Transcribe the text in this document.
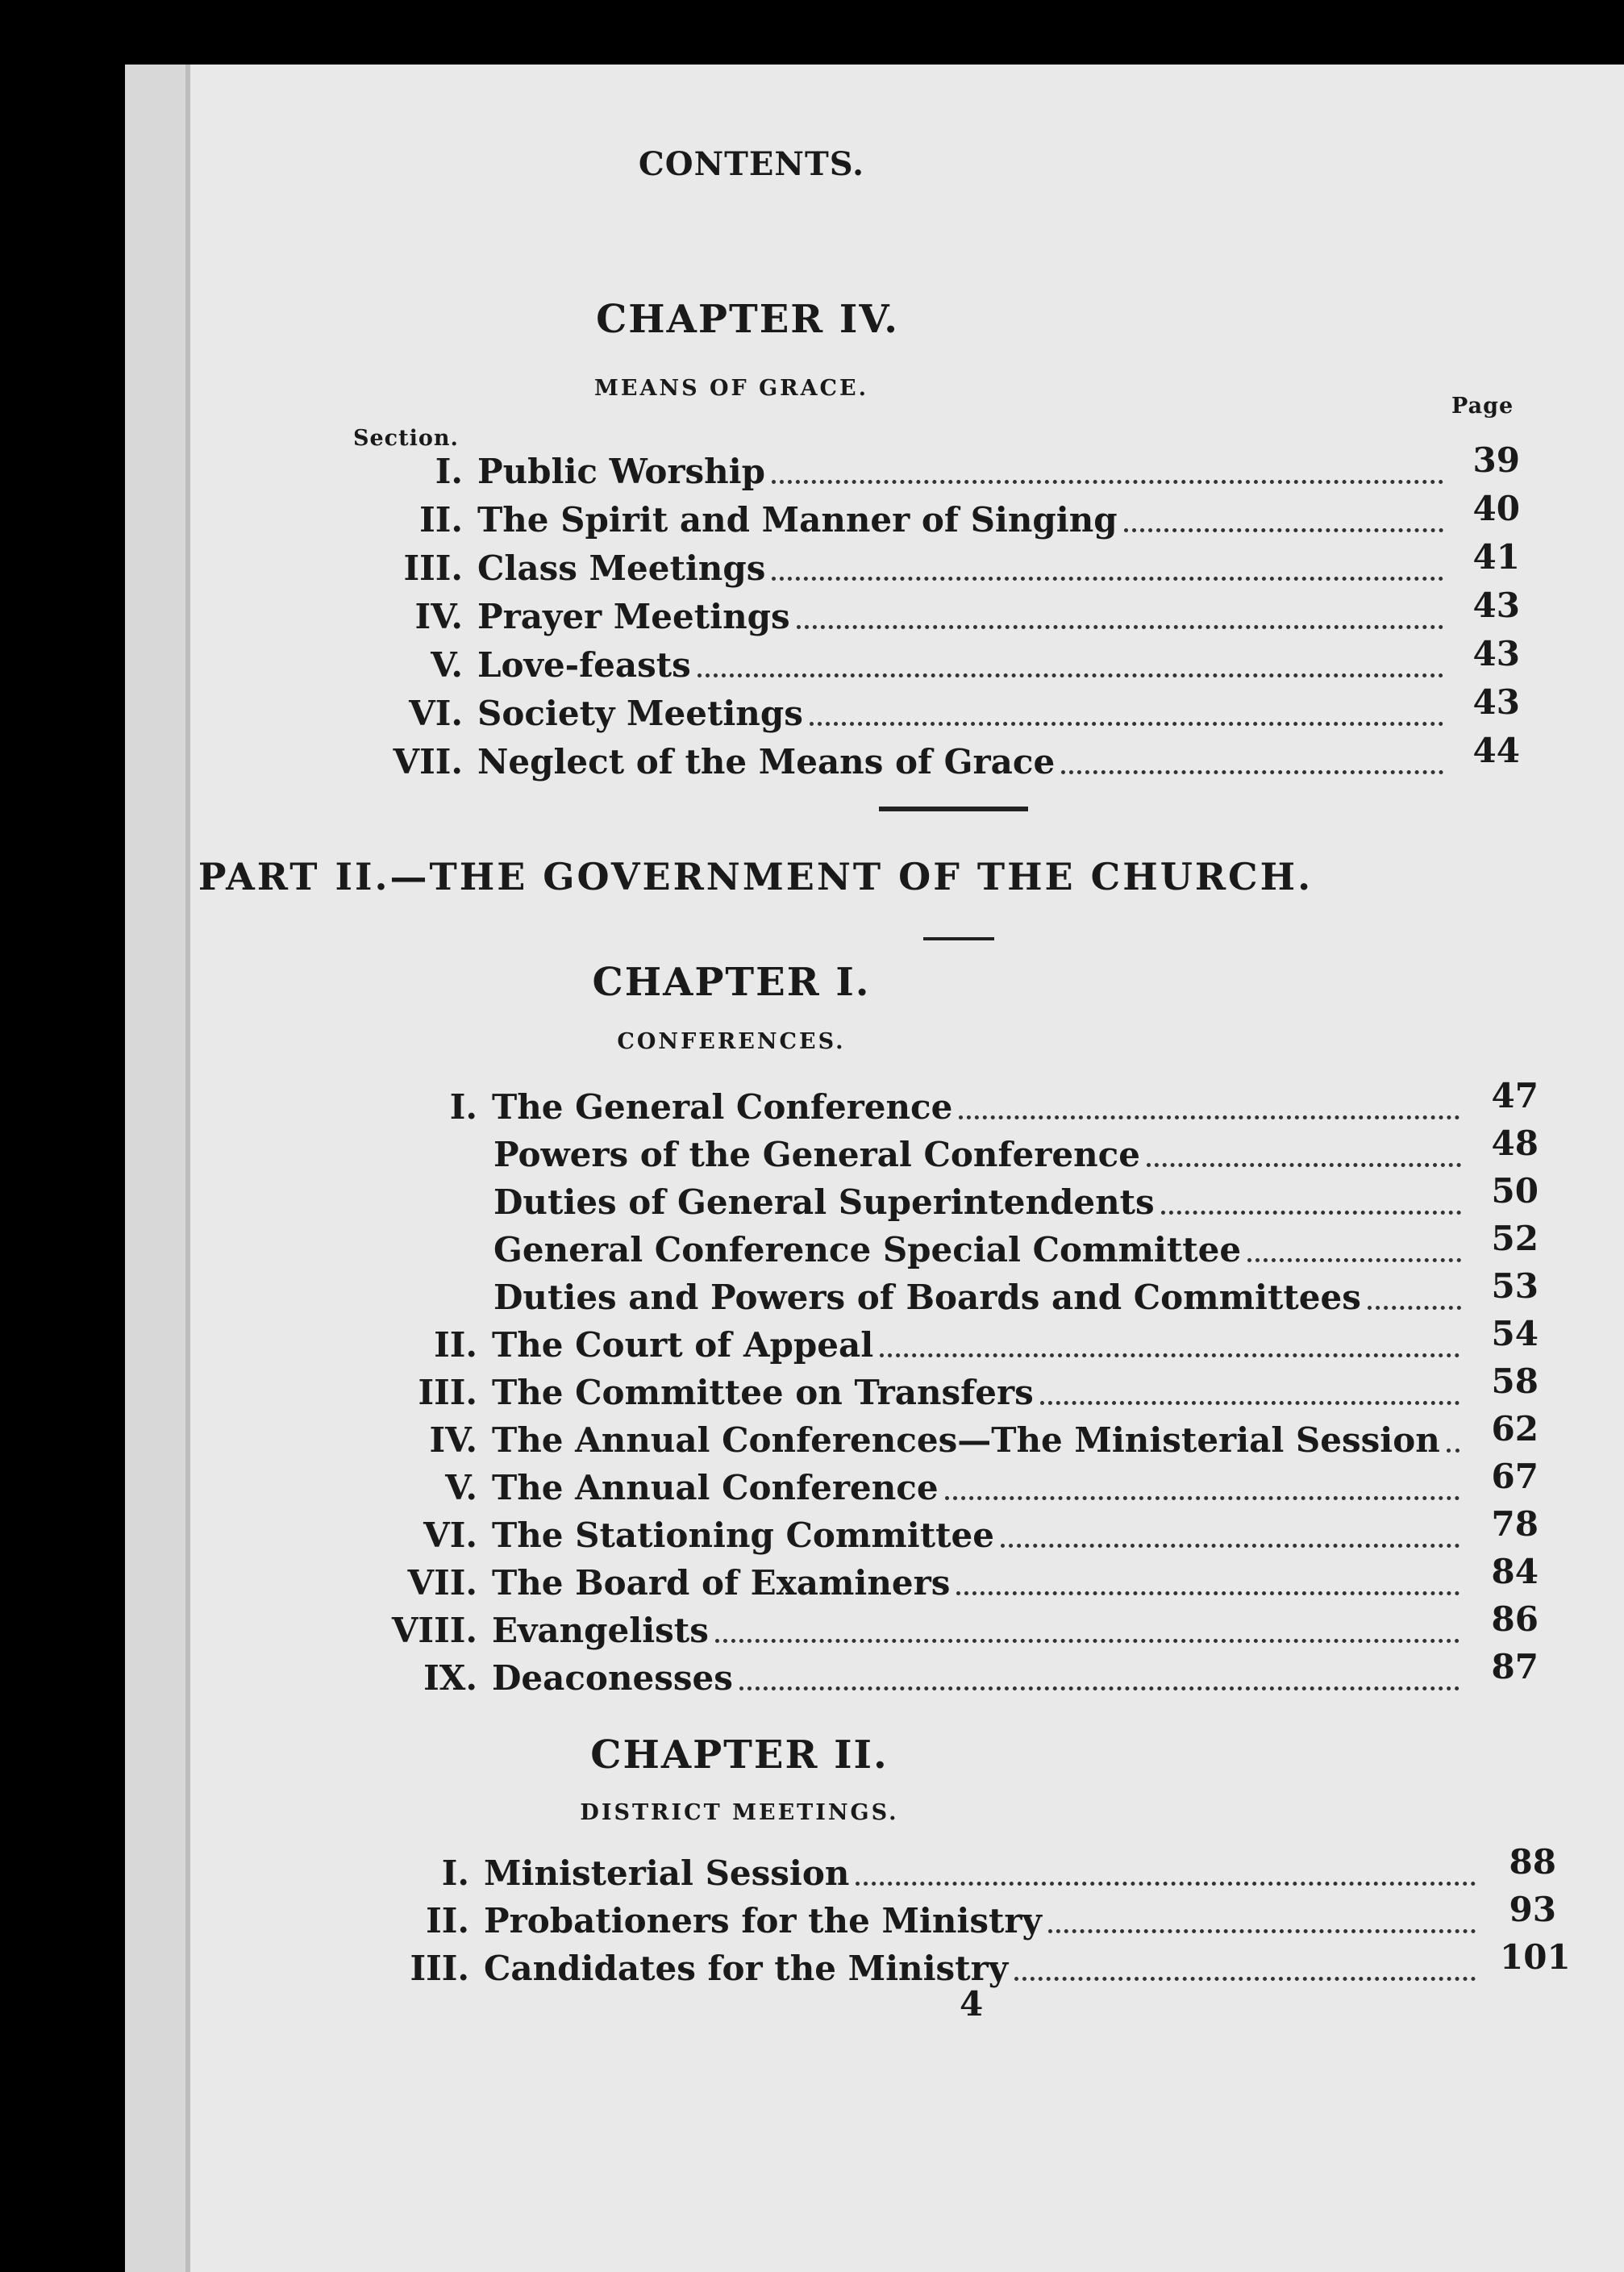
CONTENTS.
CHAPTER IV.
MEANS OF GRACE.
Page
Section.
I. Public Worship	39
II. The Spirit and Manner of Singing	40
III. Class Meetings	41
IV. Prayer Meetings	43
V. Love-feasts	43
VI. Society Meetings	43
VII. Neglect of the Means of Grace	44
PART II.—THE GOVERNMENT OF THE CHURCH.
CHAPTER I.
CONFERENCES.
I. The General Conference	47
Powers of the General Conference	48
Duties of General Superintendents	50
General Conference Special Committee	52
Duties and Powers of Boards and Committees	53
II. The Court of Appeal	54
III. The Committee on Transfers	58
IV. The Annual Conferences—The Ministerial Session 62
V. The Annual Conference	67
VI. The Stationing Committee	78
VII. The Board of Examiners	84
VIII. Evangelists	86
IX. Deaconesses	87
CHAPTER II.
DISTRICT MEETINGS.
I. Ministerial Session	88
II. Probationers for the Ministry	93
III. Candidates for the Ministry	101
4
